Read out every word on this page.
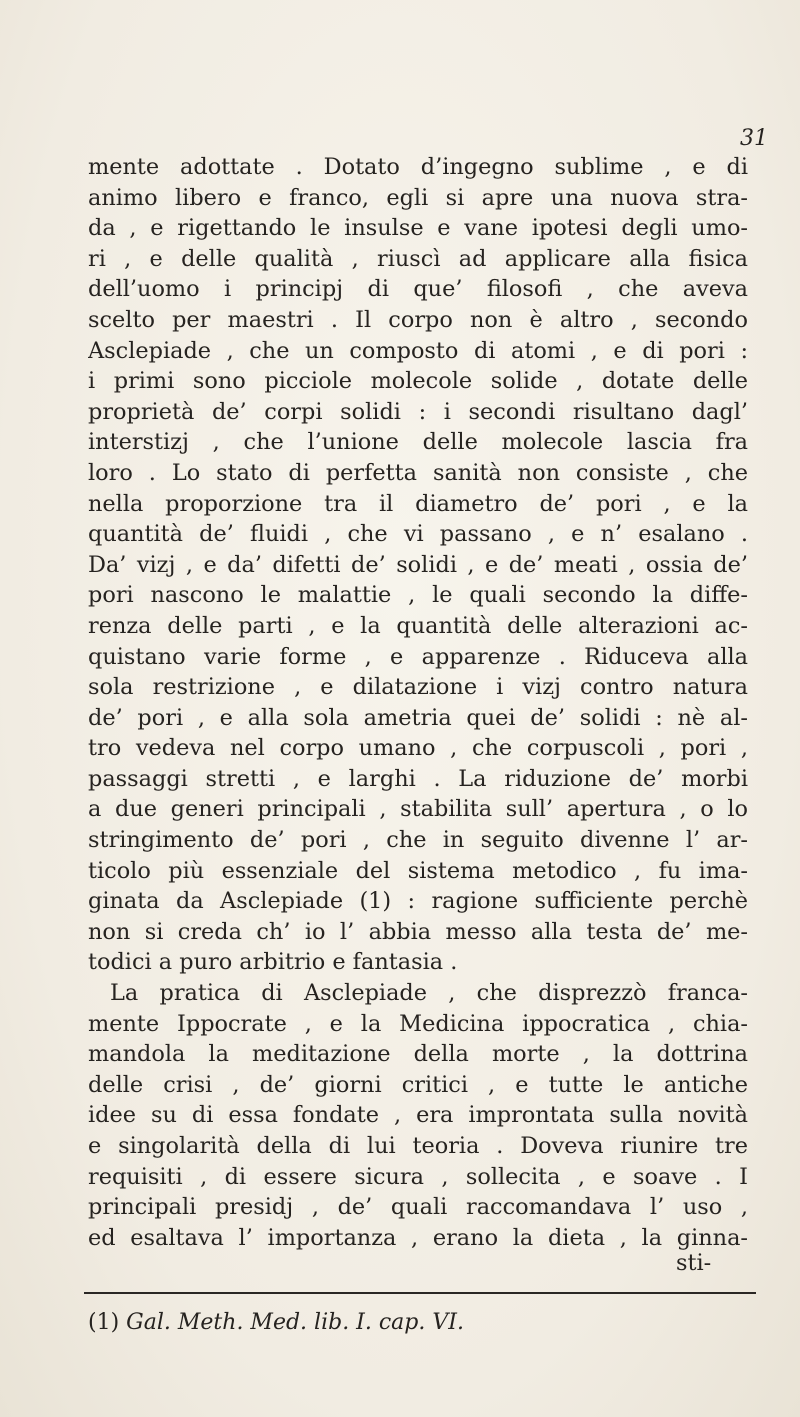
31
mente adottate . Dotato d’ingegno sublime , e di
animo libero e franco, egli si apre una nuova stra-
da , e rigettando le insulse e vane ipotesi degli umo-
ri , e delle qualità , riuscì ad applicare alla fisica
dell’uomo i principj di que’ filosofi , che aveva
scelto per maestri . Il corpo non è altro , secondo
Asclepiade , che un composto di atomi , e di pori :
i primi sono picciole molecole solide , dotate delle
proprietà de’ corpi solidi : i secondi risultano dagl’
interstizj , che l’unione delle molecole lascia fra
loro . Lo stato di perfetta sanità non consiste , che
nella proporzione tra il diametro de’ pori , e la
quantità de’ fluidi , che vi passano , e n’ esalano .
Da’ vizj , e da’ difetti de’ solidi , e de’ meati , ossia de’
pori nascono le malattie , le quali secondo la diffe-
renza delle parti , e la quantità delle alterazioni ac-
quistano varie forme , e apparenze . Riduceva alla
sola restrizione , e dilatazione i vizj contro natura
de’ pori , e alla sola ametria quei de’ solidi : nè al-
tro vedeva nel corpo umano , che corpuscoli , pori ,
passaggi stretti , e larghi . La riduzione de’ morbi
a due generi principali , stabilita sull’ apertura , o lo
stringimento de’ pori , che in seguito divenne l’ ar-
ticolo più essenziale del sistema metodico , fu ima-
ginata da Asclepiade (1) : ragione sufficiente perchè
non si creda ch’ io l’ abbia messo alla testa de’ me-
todici a puro arbitrio e fantasia .
La pratica di Asclepiade , che disprezzò franca-
mente Ippocrate , e la Medicina ippocratica , chia-
mandola la meditazione della morte , la dottrina
delle crisi , de’ giorni critici , e tutte le antiche
idee su di essa fondate , era improntata sulla novità
e singolarità della di lui teoria . Doveva riunire tre
requisiti , di essere sicura , sollecita , e soave . I
principali presidj , de’ quali raccomandava l’ uso ,
ed esaltava l’ importanza , erano la dieta , la ginna-
sti-
(1) Gal. Meth. Med. lib. I. cap. VI.
